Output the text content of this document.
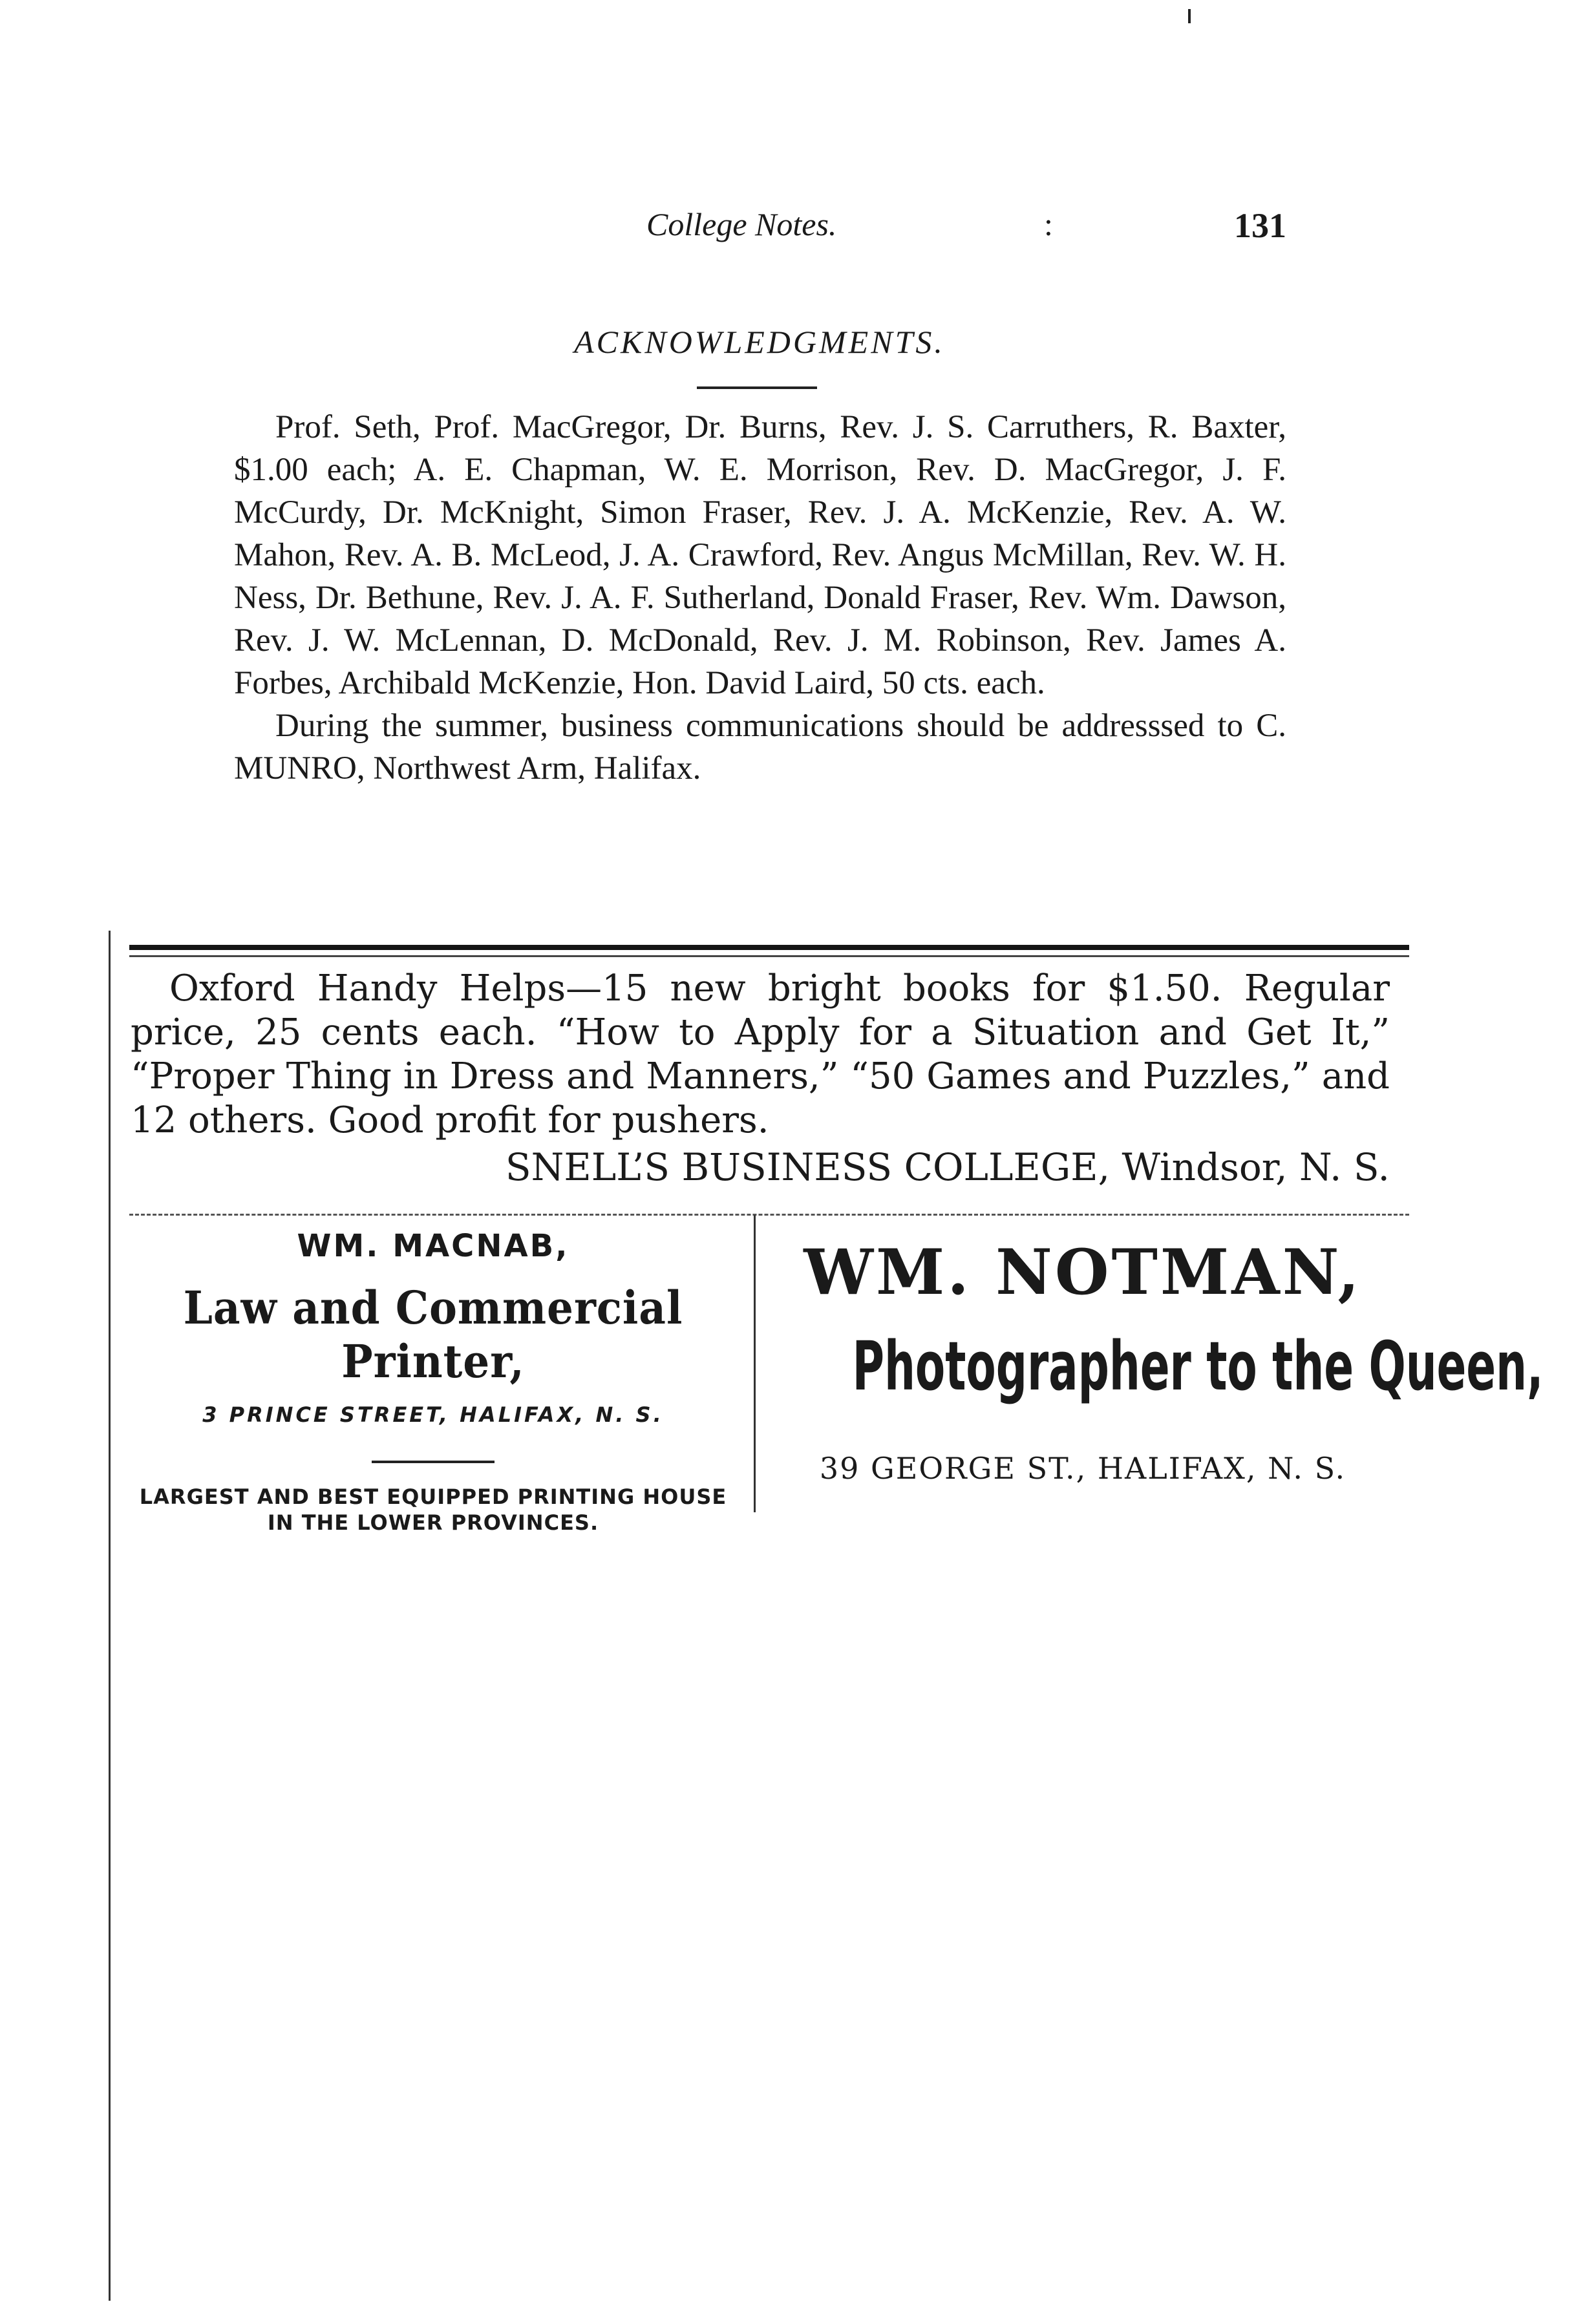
College Notes.	:	131
ACKNOWLEDGMENTS.

Prof. Seth, Prof. MacGregor, Dr. Burns, Rev. J. S. Carruthers, R. Baxter, $1.00 each; A. E. Chapman, W. E. Morrison, Rev. D. MacGregor, J. F. McCurdy, Dr. McKnight, Simon Fraser, Rev. J. A. McKenzie, Rev. A. W. Mahon, Rev. A. B. McLeod, J. A. Crawford, Rev. Angus McMillan, Rev. W. H. Ness, Dr. Bethune, Rev. J. A. F. Sutherland, Donald Fraser, Rev. Wm. Dawson, Rev. J. W. McLennan, D. McDonald, Rev. J. M. Robinson, Rev. James A. Forbes, Archibald McKenzie, Hon. David Laird, 50 cts. each.

During the summer, business communications should be addresssed to C. MUNRO, Northwest Arm, Halifax.

Oxford Handy Helps—15 new bright books for $1.50. Regular price, 25 cents each. “How to Apply for a Situation and Get It,” “Proper Thing in Dress and Manners,” “50 Games and Puzzles,” and 12 others. Good profit for pushers.

SNELL’S BUSINESS COLLEGE, Windsor, N. S.
WM. MACNAB,
Law and Commercial Printer,
3 PRINCE STREET, HALIFAX, N. S.
LARGEST AND BEST EQUIPPED PRINTING HOUSE
IN THE LOWER PROVINCES.
WM. NOTMAN,
Photographer to the Queen,
39 GEORGE ST., HALIFAX, N. S.
